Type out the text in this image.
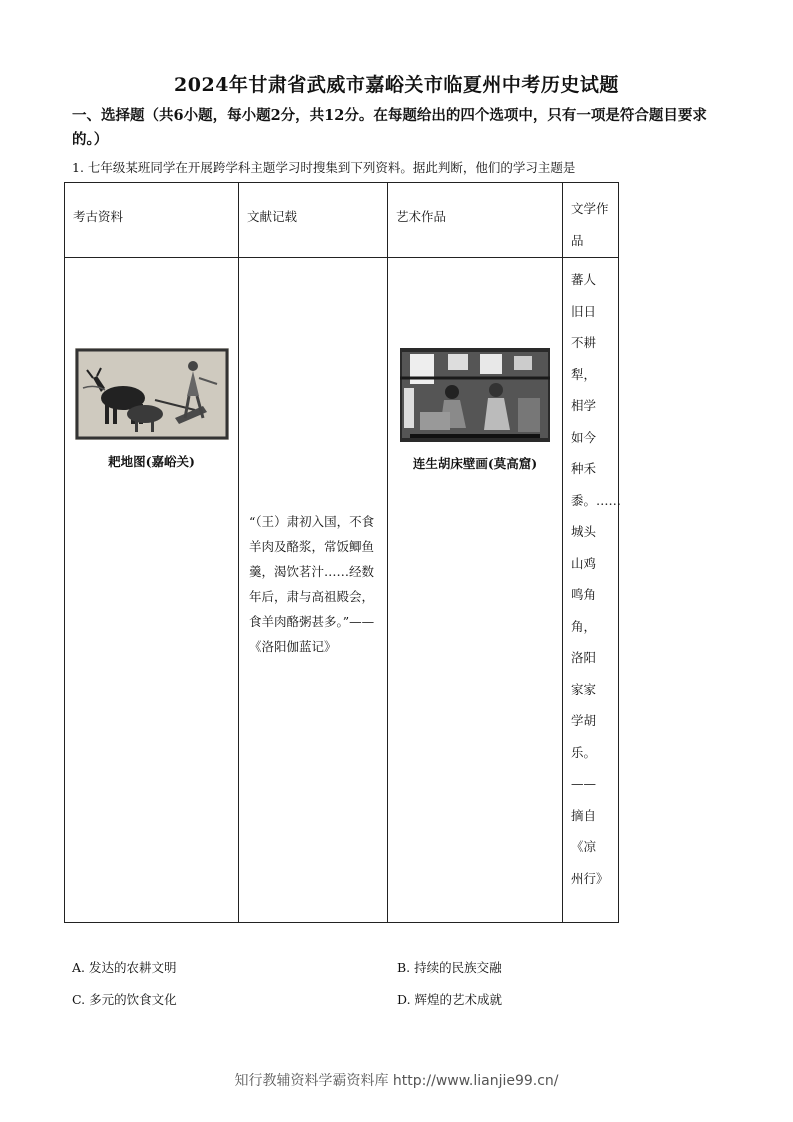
2024年甘肃省武威市嘉峪关市临夏州中考历史试题
一、选择题（共6小题，每小题2分，共12分。在每题给出的四个选项中，只有一项是符合题目要求的。）
1. 七年级某班同学在开展跨学科主题学习时搜集到下列资料。据此判断，他们的学习主题是
考古资料	文献记载	艺术作品	文学作品

耙地图(嘉峪关)	“（王）肃初入国，不食羊肉及酪浆，常饭鲫鱼羹，渴饮茗汁……经数年后，肃与高祖殿会，食羊肉酪粥甚多。”——《洛阳伽蓝记》	连生胡床壁画(莫高窟)	蕃人旧日不耕犁，相学如今种禾黍。……城头山鸡鸣角角，洛阳家家学胡乐。——摘自《凉州行》
A. 发达的农耕文明	B. 持续的民族交融
C. 多元的饮食文化	D. 辉煌的艺术成就
知行教辅资料学霸资料库 http://www.lianjie99.cn/
